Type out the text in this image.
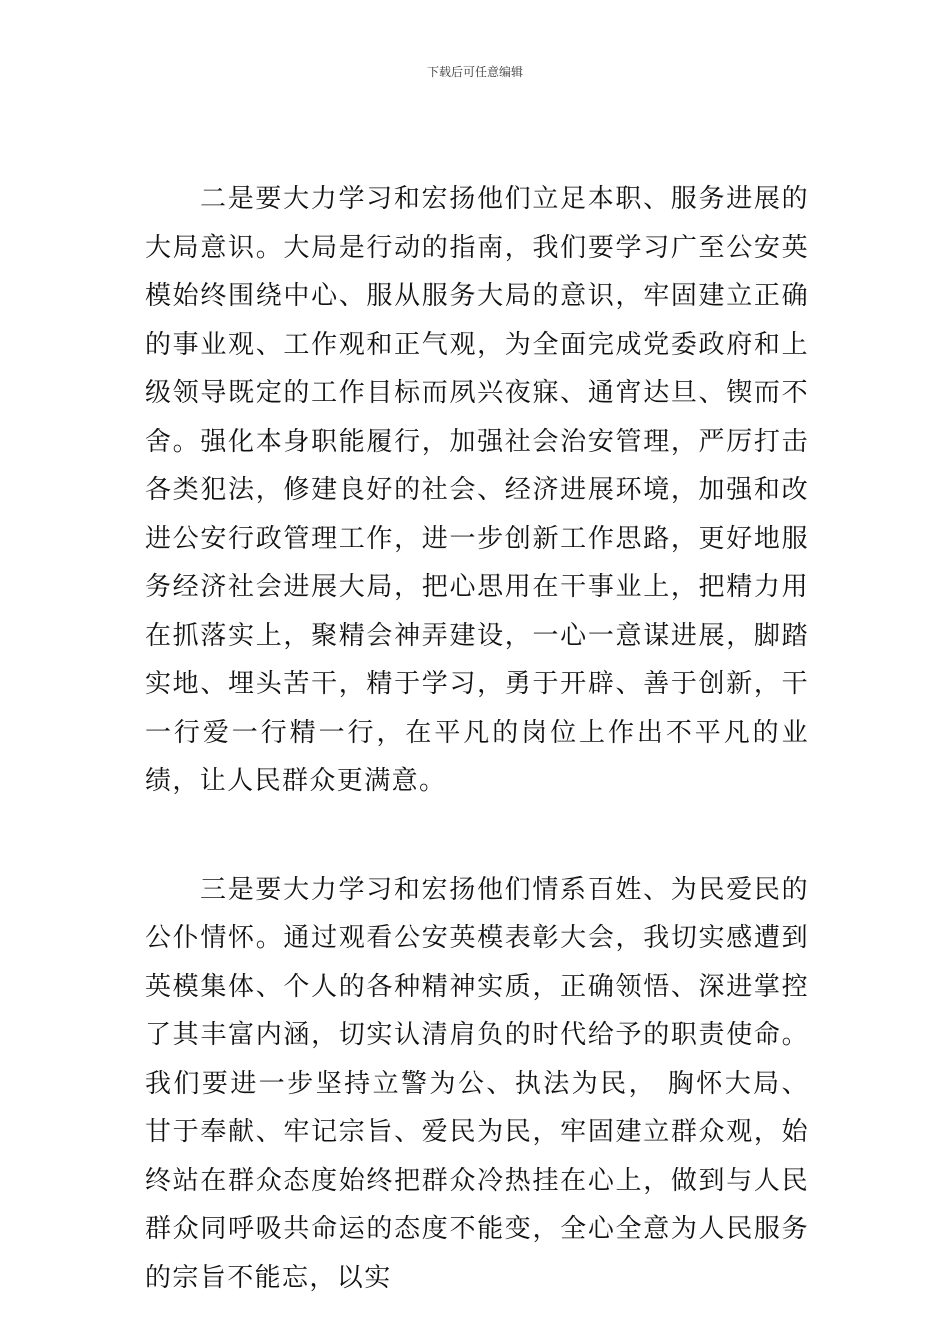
下载后可任意编辑

二是要大力学习和宏扬他们立足本职、服务进展的大局意识。大局是行动的指南，我们要学习广至公安英模始终围绕中心、服从服务大局的意识，牢固建立正确的事业观、工作观和正气观，为全面完成党委政府和上级领导既定的工作目标而夙兴夜寐、通宵达旦、锲而不舍。强化本身职能履行，加强社会治安管理，严厉打击各类犯法，修建良好的社会、经济进展环境，加强和改进公安行政管理工作，进一步创新工作思路，更好地服务经济社会进展大局，把心思用在干事业上，把精力用在抓落实上，聚精会神弄建设，一心一意谋进展，脚踏实地、埋头苦干，精于学习，勇于开辟、善于创新，干一行爱一行精一行，在平凡的岗位上作出不平凡的业绩，让人民群众更满意。

三是要大力学习和宏扬他们情系百姓、为民爱民的公仆情怀。通过观看公安英模表彰大会，我切实感遭到英模集体、个人的各种精神实质，正确领悟、深进掌控了其丰富内涵，切实认清肩负的时代给予的职责使命。我们要进一步坚持立警为公、执法为民， 胸怀大局、甘于奉献、牢记宗旨、爱民为民，牢固建立群众观，始终站在群众态度始终把群众冷热挂在心上，做到与人民群众同呼吸共命运的态度不能变，全心全意为人民服务的宗旨不能忘，以实
